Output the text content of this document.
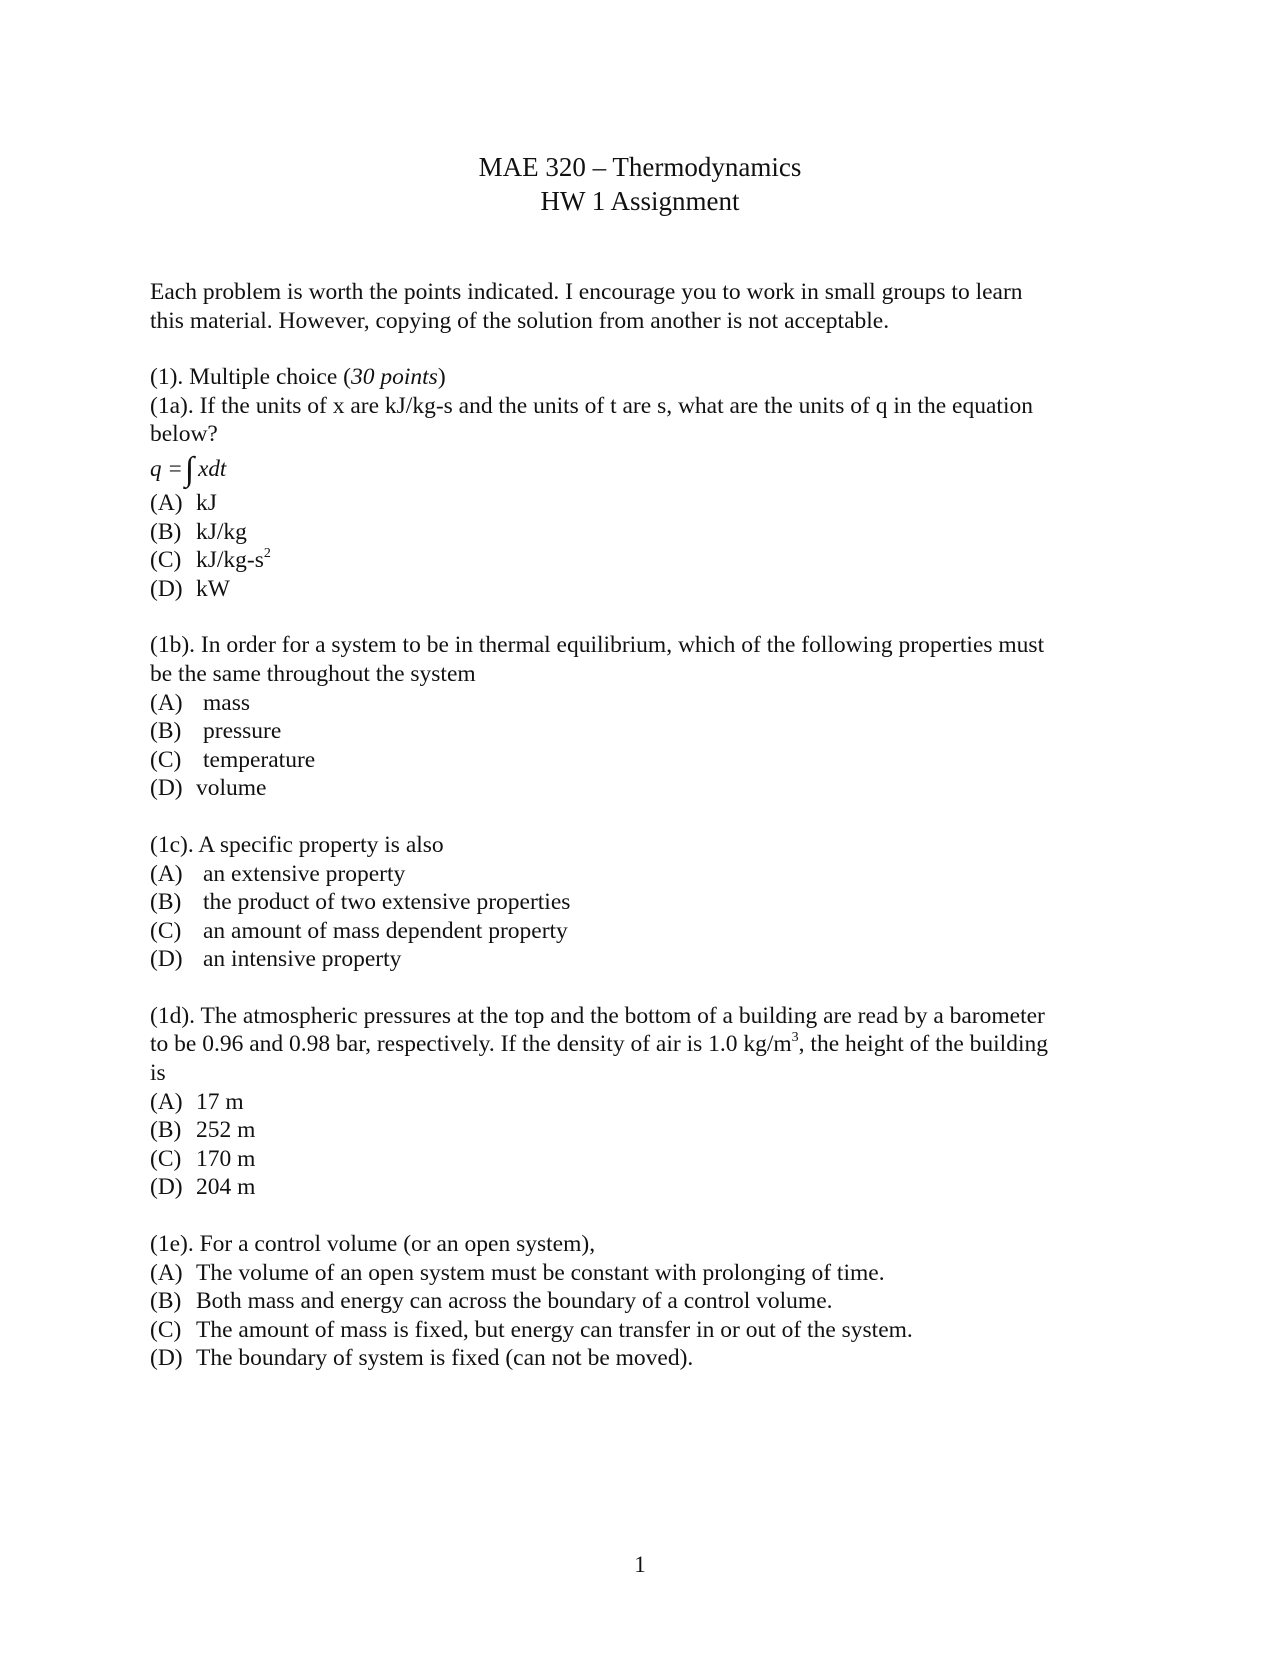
MAE 320 – Thermodynamics
HW 1 Assignment
Each problem is worth the points indicated. I encourage you to work in small groups to learn
this material. However, copying of the solution from another is not acceptable.
(1). Multiple choice (30 points)
(1a). If the units of x are kJ/kg-s and the units of t are s, what are the units of q in the equation
below?
q = ∫ xdt
(A) kJ
(B) kJ/kg
(C) $kJ/kg-s^2$
(D) kW
(1b). In order for a system to be in thermal equilibrium, which of the following properties must
be the same throughout the system
(A) mass
(B) pressure
(C) temperature
(D) volume
(1c). A specific property is also
(A) an extensive property
(B) the product of two extensive properties
(C) an amount of mass dependent property
(D) an intensive property
(1d). The atmospheric pressures at the top and the bottom of a building are read by a barometer
to be 0.96 and 0.98 bar, respectively. If the density of air is 1.0 $kg/m^3$, the height of the building
is
(A) 17 m
(B) 252 m
(C) 170 m
(D) 204 m
(1e). For a control volume (or an open system),
(A) The volume of an open system must be constant with prolonging of time.
(B) Both mass and energy can across the boundary of a control volume.
(C) The amount of mass is fixed, but energy can transfer in or out of the system.
(D) The boundary of system is fixed (can not be moved).
1
